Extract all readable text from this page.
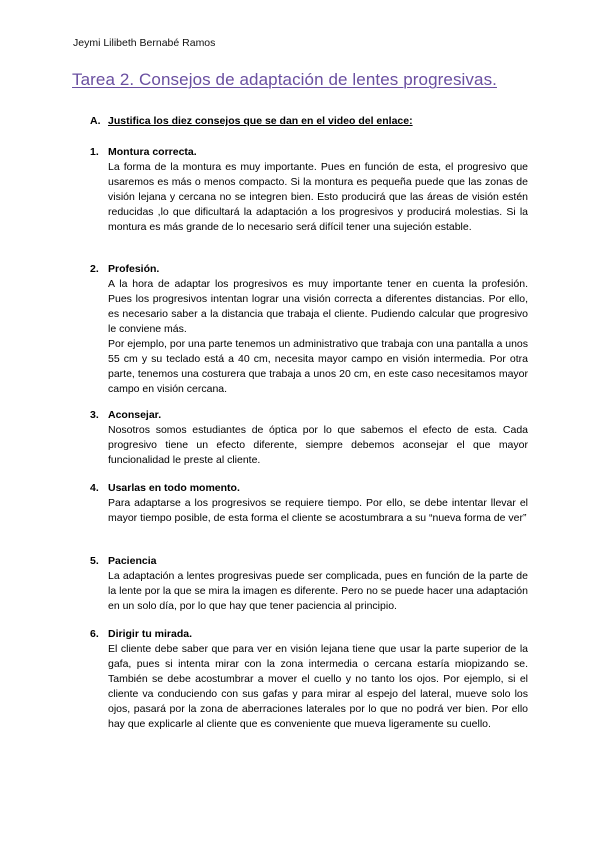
Jeymi Lilibeth Bernabé Ramos
Tarea 2. Consejos de adaptación de lentes progresivas.
A. Justifica los diez consejos que se dan en el video del enlace:
1. Montura correcta.

La forma de la montura es muy importante. Pues en función de esta, el progresivo que usaremos es más o menos compacto. Si la montura es pequeña puede que las zonas de visión lejana y cercana no se integren bien. Esto producirá que las áreas de visión estén reducidas ,lo que dificultará la adaptación a los progresivos y producirá molestias. Si la montura es más grande de lo necesario será difícil tener una sujeción estable.

2. Profesión.

A la hora de adaptar los progresivos es muy importante tener en cuenta la profesión. Pues los progresivos intentan lograr una visión correcta a diferentes distancias. Por ello, es necesario saber a la distancia que trabaja el cliente. Pudiendo calcular que progresivo le conviene más.

Por ejemplo, por una parte tenemos un administrativo que trabaja con una pantalla a unos 55 cm y su teclado está a 40 cm, necesita mayor campo en visión intermedia. Por otra parte, tenemos una costurera que trabaja a unos 20 cm, en este caso necesitamos mayor campo en visión cercana.

3. Aconsejar.

Nosotros somos estudiantes de óptica por lo que sabemos el efecto de esta. Cada progresivo tiene un efecto diferente, siempre debemos aconsejar el que mayor funcionalidad le preste al cliente.

4. Usarlas en todo momento.

Para adaptarse a los progresivos se requiere tiempo. Por ello, se debe intentar llevar el mayor tiempo posible, de esta forma el cliente se acostumbrara a su “nueva forma de ver”

5. Paciencia

La adaptación a lentes progresivas puede ser complicada, pues en función de la parte de la lente por la que se mira la imagen es diferente. Pero no se puede hacer una adaptación en un solo día, por lo que hay que tener paciencia al principio.

6. Dirigir tu mirada.

El cliente debe saber que para ver en visión lejana tiene que usar la parte superior de la gafa, pues si intenta mirar con la zona intermedia o cercana estaría miopizando se. También se debe acostumbrar a mover el cuello y no tanto los ojos. Por ejemplo, si el cliente va conduciendo con sus gafas y para mirar al espejo del lateral, mueve solo los ojos, pasará por la zona de aberraciones laterales por lo que no podrá ver bien. Por ello hay que explicarle al cliente que es conveniente que mueva ligeramente su cuello.
